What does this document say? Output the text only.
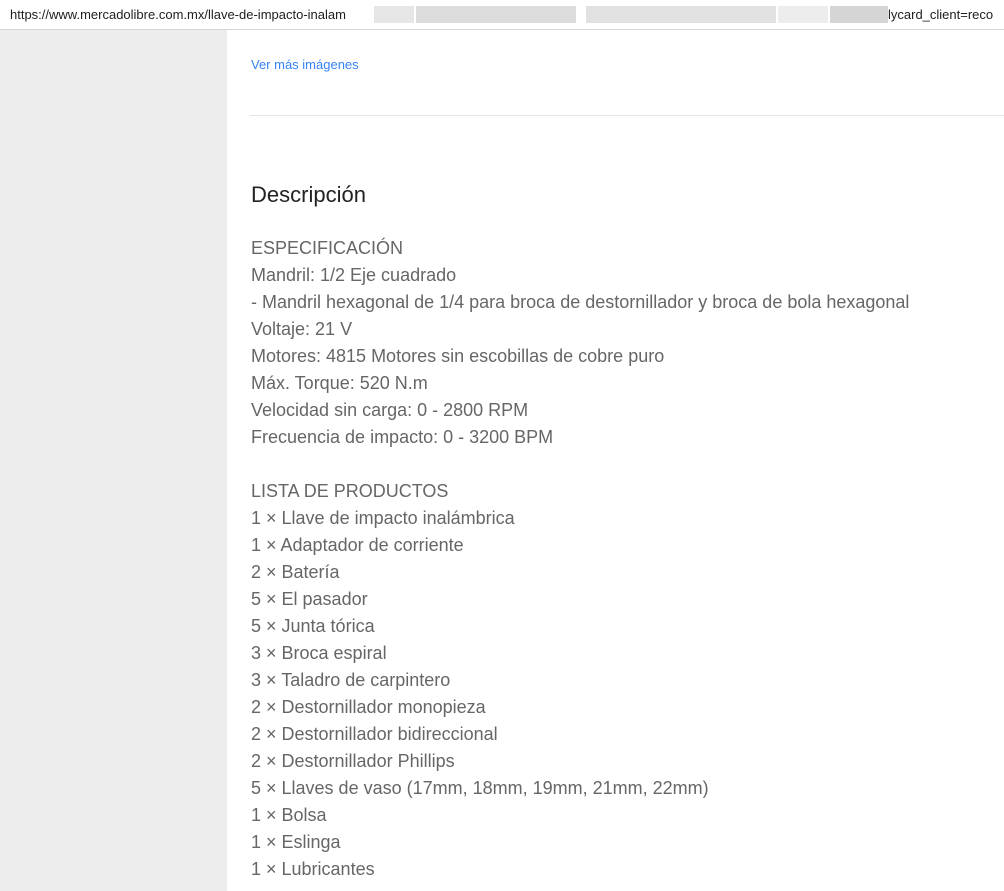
https://www.mercadolibre.com.mx/llave-de-impacto-inalam	lycard_client=reco
Ver más imágenes
Descripción

ESPECIFICACIÓN
Mandril: 1/2 Eje cuadrado
- Mandril hexagonal de 1/4 para broca de destornillador y broca de bola hexagonal
Voltaje: 21 V
Motores: 4815 Motores sin escobillas de cobre puro
Máx. Torque: 520 N.m
Velocidad sin carga: 0 - 2800 RPM
Frecuencia de impacto: 0 - 3200 BPM
LISTA DE PRODUCTOS
1 × Llave de impacto inalámbrica
1 × Adaptador de corriente
2 × Batería
5 × El pasador
5 × Junta tórica
3 × Broca espiral
3 × Taladro de carpintero
2 × Destornillador monopieza
2 × Destornillador bidireccional
2 × Destornillador Phillips
5 × Llaves de vaso (17mm, 18mm, 19mm, 21mm, 22mm)
1 × Bolsa
1 × Eslinga
1 × Lubricantes
